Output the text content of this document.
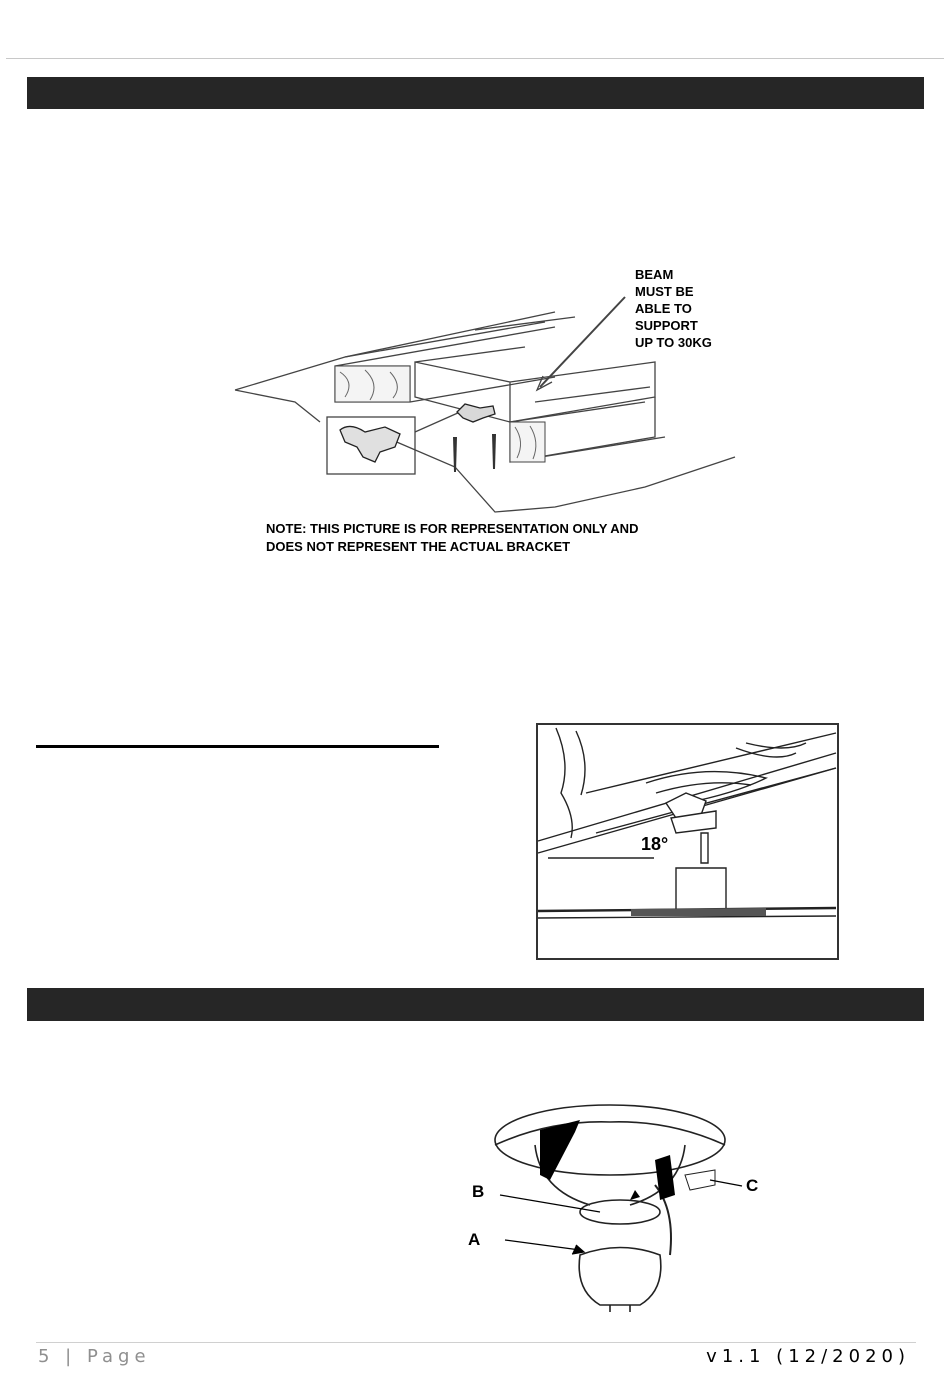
BEAM
MUST BE
ABLE TO
SUPPORT
UP TO 30KG
NOTE: THIS PICTURE IS FOR REPRESENTATION ONLY AND
DOES NOT REPRESENT THE ACTUAL BRACKET
18°
B
A
C
5 | Page	v1.1 (12/2020)
